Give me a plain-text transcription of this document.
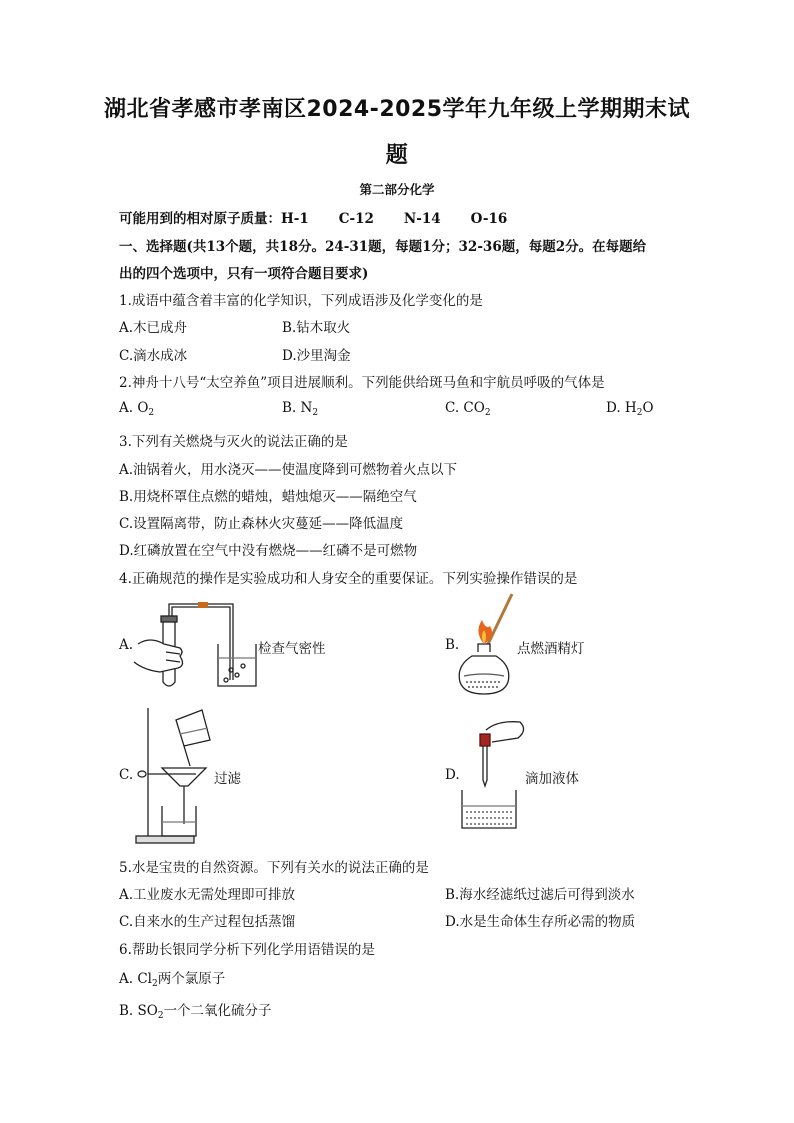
湖北省孝感市孝南区2024-2025学年九年级上学期期末试
题
第二部分化学
可能用到的相对原子质量：H-1 C-12 N-14 O-16
一、选择题(共13个题，共18分。24-31题，每题1分；32-36题，每题2分。在每题给
出的四个选项中，只有一项符合题目要求)
1.成语中蕴含着丰富的化学知识，下列成语涉及化学变化的是
A.木已成舟	B.钻木取火
C.滴水成冰	D.沙里淘金
2.神舟十八号“太空养鱼”项目进展顺利。下列能供给斑马鱼和宇航员呼吸的气体是
A. $O_2$	B. $N_2$	C. $CO_2$	D. $H_2O$
3.下列有关燃烧与灭火的说法正确的是
A.油锅着火，用水浇灭——使温度降到可燃物着火点以下
B.用烧杯罩住点燃的蜡烛，蜡烛熄灭——隔绝空气
C.设置隔离带，防止森林火灾蔓延——降低温度
D.红磷放置在空气中没有燃烧——红磷不是可燃物
4.正确规范的操作是实验成功和人身安全的重要保证。下列实验操作错误的是
A.	检查气密性	B.	点燃酒精灯
C.	过滤	D.	滴加液体
5.水是宝贵的自然资源。下列有关水的说法正确的是
A.工业废水无需处理即可排放	B.海水经滤纸过滤后可得到淡水
C.自来水的生产过程包括蒸馏	D.水是生命体生存所必需的物质
6.帮助长银同学分析下列化学用语错误的是
A. $Cl_2$两个氯原子
B. $SO_2$一个二氧化硫分子
